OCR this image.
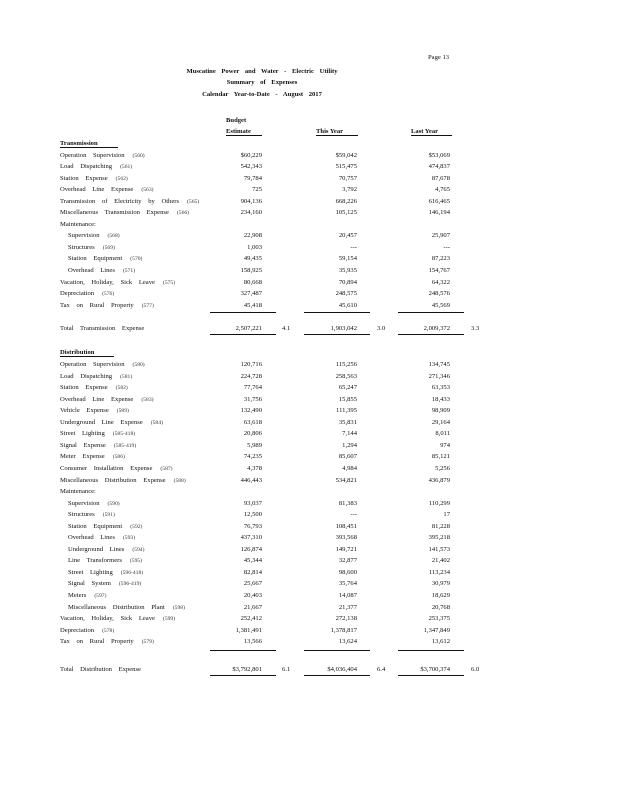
Page 13
Muscatine Power and Water - Electric Utility
Summary of Expenses
Calendar Year-to-Date - August 2017
Budget
Estimate	This Year	Last Year
Transmission
Operation Supervision (560)	$60,229	$59,042	$53,069
Load Dispatching (561)	542,343	515,475	474,837
Station Expense (562)	79,784	70,757	87,678
Overhead Line Expense (563)	725	3,792	4,765
Transmission of Electricity by Others (565)	904,136	668,226	616,465
Miscellaneous Transmission Expense (566)	234,160	105,125	146,194
Maintenance:
Supervision (568)	22,908	20,457	25,907
Structures (569)	1,003	---	---
Station Equipment (570)	49,435	59,154	87,223
Overhead Lines (571)	158,925	35,935	154,767
Vacation, Holiday, Sick Leave (575)	80,668	70,894	64,322
Depreciation (576)	327,487	248,575	248,576
Tax on Rural Property (577)	45,418	45,610	45,569
Total Transmission Expense	2,507,221	4.1	1,903,042	3.0	2,009,372	3.3
Distribution
Operation Supervision (580)	120,716	115,256	134,745
Load Dispatching (581)	224,728	258,563	271,346
Station Expense (582)	77,764	65,247	63,353
Overhead Line Expense (583)	31,756	15,855	18,433
Vehicle Expense (589)	132,490	111,395	98,909
Underground Line Expense (584)	63,618	35,831	29,164
Street Lighting (585-418)	20,806	7,144	8,011
Signal Expense (585-419)	5,989	1,294	974
Meter Expense (586)	74,235	85,607	85,121
Consumer Installation Expense (587)	4,378	4,984	5,256
Miscellaneous Distribution Expense (588)	446,443	534,821	436,879
Maintenance:
Supervision (590)	93,037	81,383	110,299
Structures (591)	12,500	---	17
Station Equipment (592)	76,793	108,451	81,228
Overhead Lines (593)	437,310	393,568	395,218
Underground Lines (594)	126,874	149,721	141,573
Line Transformers (595)	45,344	32,877	21,402
Street Lighting (596-418)	82,814	98,600	113,234
Signal System (596-419)	25,667	35,764	30,979
Meters (597)	20,403	14,087	18,629
Miscellaneous Distribution Plant (598)	21,667	21,377	20,768
Vacation, Holiday, Sick Leave (599)	252,412	272,138	253,375
Depreciation (578)	1,381,491	1,378,817	1,347,849
Tax on Rural Property (579)	13,566	13,624	13,612
Total Distribution Expense	$3,792,801	6.1	$4,036,404	6.4	$3,700,374	6.0
